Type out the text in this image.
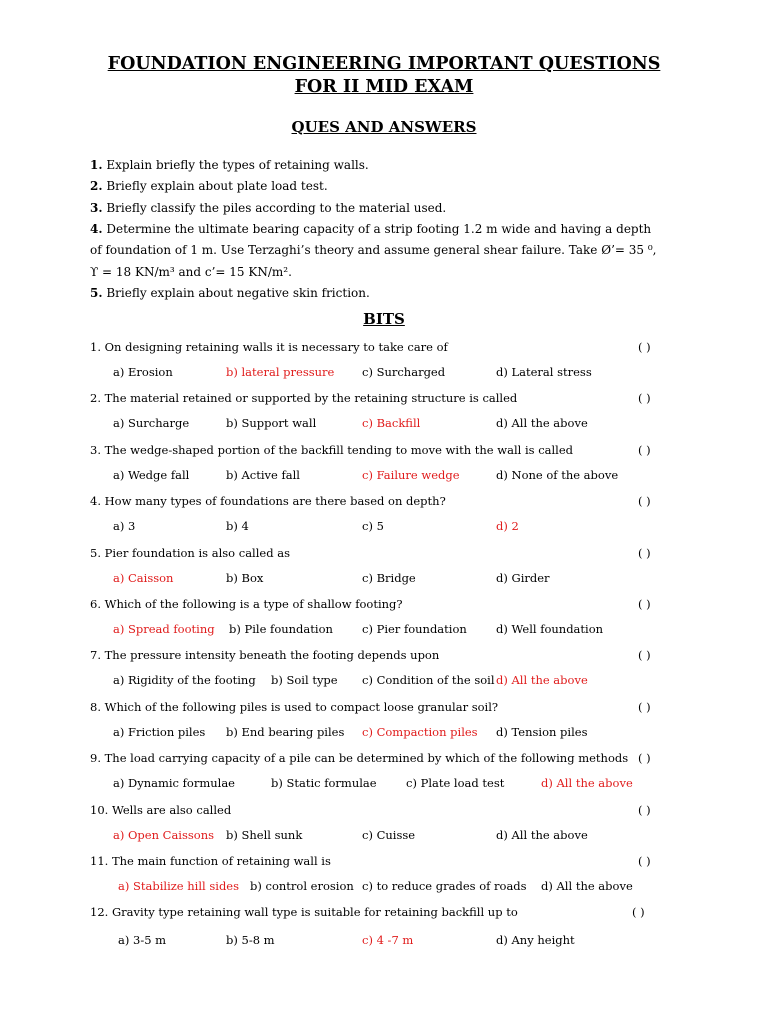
FOUNDATION ENGINEERING IMPORTANT QUESTIONS
FOR II MID EXAM
QUES AND ANSWERS
1. Explain briefly the types of retaining walls.
2. Briefly explain about plate load test.
3. Briefly classify the piles according to the material used.
4. Determine the ultimate bearing capacity of a strip footing 1.2 m wide and having a depth
of foundation of 1 m. Use Terzaghi’s theory and assume general shear failure. Take Ø’= 35 ⁰,
ϒ = 18 KN/m³ and c’= 15 KN/m².
5. Briefly explain about negative skin friction.
BITS
1. On designing retaining walls it is necessary to take care of	( )
a) Erosion	b) lateral pressure c) Surcharged	d) Lateral stress
2. The material retained or supported by the retaining structure is called	( )
a) Surcharge	b) Support wall	c) Backfill	d) All the above
3. The wedge-shaped portion of the backfill tending to move with the wall is called	( )
a) Wedge fall	b) Active fall	c) Failure wedge	d) None of the above
4. How many types of foundations are there based on depth?	( )
a) 3	b) 4	c) 5	d) 2
5. Pier foundation is also called as	( )
a) Caisson	b) Box	c) Bridge	d) Girder
6. Which of the following is a type of shallow footing?	( )
a) Spread footing b) Pile foundation	c) Pier foundation	d) Well foundation
7. The pressure intensity beneath the footing depends upon	( )
a) Rigidity of the footing b) Soil type c) Condition of the soil d) All the above
8. Which of the following piles is used to compact loose granular soil?	( )
a) Friction piles b) End bearing piles c) Compaction piles d) Tension piles
9. The load carrying capacity of a pile can be determined by which of the following methods ( )
a) Dynamic formulae	b) Static formulae	c) Plate load test	d) All the above
10. Wells are also called	( )
a) Open Caissons b) Shell sunk	c) Cuisse	d) All the above
11. The main function of retaining wall is	( )
a) Stabilize hill sides b) control erosion c) to reduce grades of roads d) All the above
12. Gravity type retaining wall type is suitable for retaining backfill up to	( )
a) 3-5 m	b) 5-8 m	c) 4 -7 m	d) Any height
